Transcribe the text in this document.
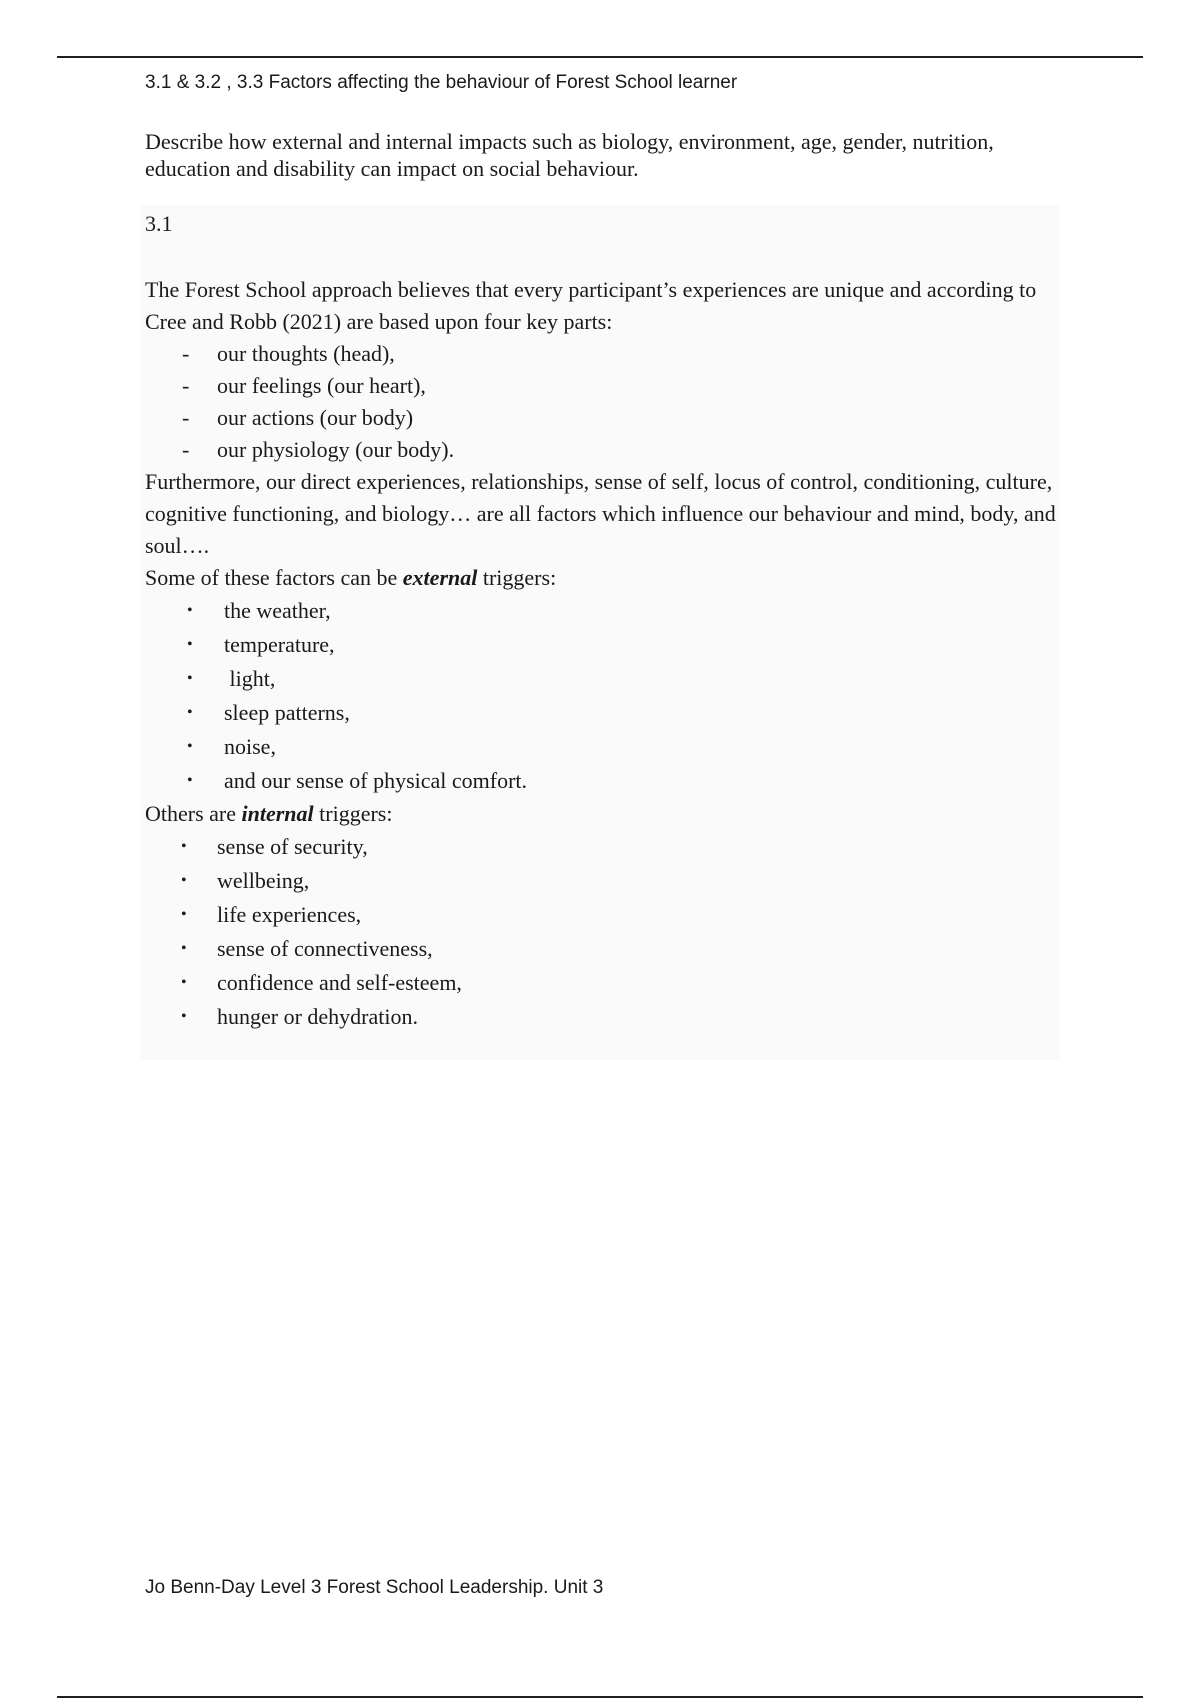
3.1 & 3.2 , 3.3 Factors affecting the behaviour of Forest School learner
Describe how external and internal impacts such as biology, environment, age, gender, nutrition, education and disability can impact on social behaviour.
3.1

The Forest School approach believes that every participant’s experiences are unique and according to Cree and Robb (2021) are based upon four key parts:

- our thoughts (head),
- our feelings (our heart),
- our actions (our body)
- our physiology (our body).

Furthermore, our direct experiences, relationships, sense of self, locus of control, conditioning, culture, cognitive functioning, and biology… are all factors which influence our behaviour and mind, body, and soul….

Some of these factors can be external triggers:

• the weather,
• temperature,
• light,
• sleep patterns,
• noise,
• and our sense of physical comfort.

Others are internal triggers:

• sense of security,
• wellbeing,
• life experiences,
• sense of connectiveness,
• confidence and self-esteem,
• hunger or dehydration.
Jo Benn-Day Level 3 Forest School Leadership. Unit 3
